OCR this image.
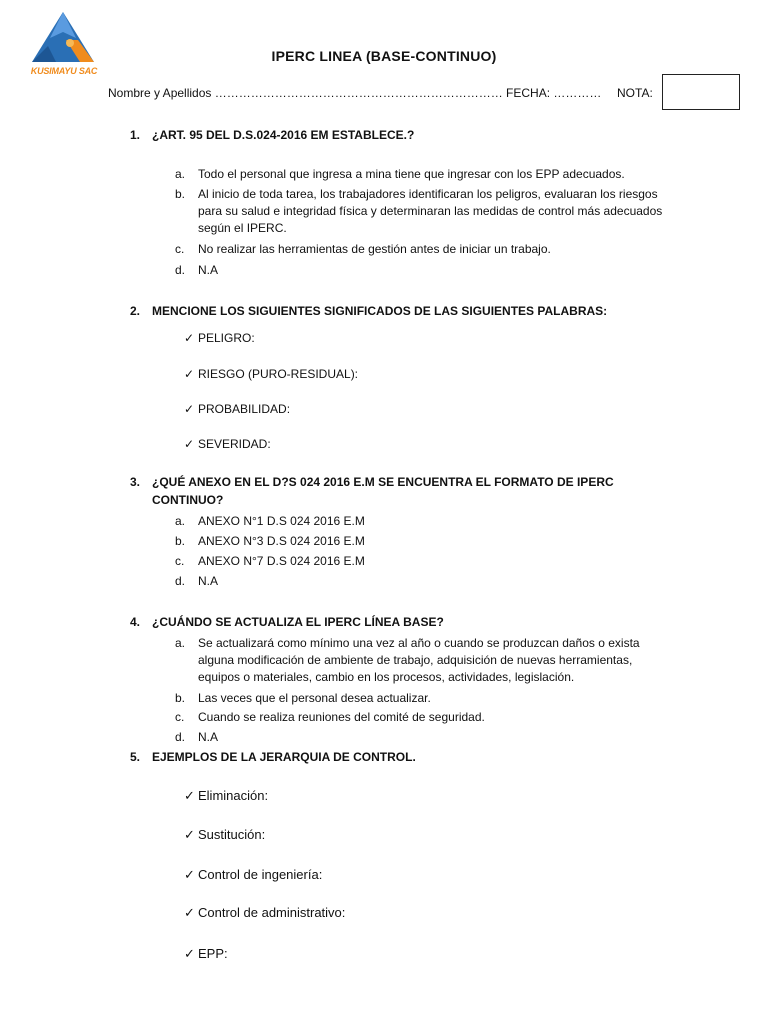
KUSIMAYU SAC
IPERC LINEA (BASE-CONTINUO)
Nombre y Apellidos ……………………………………………………………… FECHA: ………… NOTA:
1. ¿ART. 95 DEL D.S.024-2016 EM ESTABLECE.?
a. Todo el personal que ingresa a mina tiene que ingresar con los EPP adecuados.
b. Al inicio de toda tarea, los trabajadores identificaran los peligros, evaluaran los riesgos para su salud e integridad física y determinaran las medidas de control más adecuados según el IPERC.
c. No realizar las herramientas de gestión antes de iniciar un trabajo.
d. N.A
2. MENCIONE LOS SIGUIENTES SIGNIFICADOS DE LAS SIGUIENTES PALABRAS:
✓ PELIGRO:
✓ RIESGO (PURO-RESIDUAL):
✓ PROBABILIDAD:
✓ SEVERIDAD:
3. ¿QUÉ ANEXO EN EL D?S 024 2016 E.M SE ENCUENTRA EL FORMATO DE IPERC CONTINUO?
a. ANEXO N°1 D.S 024 2016 E.M
b. ANEXO N°3 D.S 024 2016 E.M
c. ANEXO N°7 D.S 024 2016 E.M
d. N.A
4. ¿CUÁNDO SE ACTUALIZA EL IPERC LÍNEA BASE?
a. Se actualizará como mínimo una vez al año o cuando se produzcan daños o exista alguna modificación de ambiente de trabajo, adquisición de nuevas herramientas, equipos o materiales, cambio en los procesos, actividades, legislación.
b. Las veces que el personal desea actualizar.
c. Cuando se realiza reuniones del comité de seguridad.
d. N.A
5. EJEMPLOS DE LA JERARQUIA DE CONTROL.
✓ Eliminación:
✓ Sustitución:
✓ Control de ingeniería:
✓ Control de administrativo:
✓ EPP:
